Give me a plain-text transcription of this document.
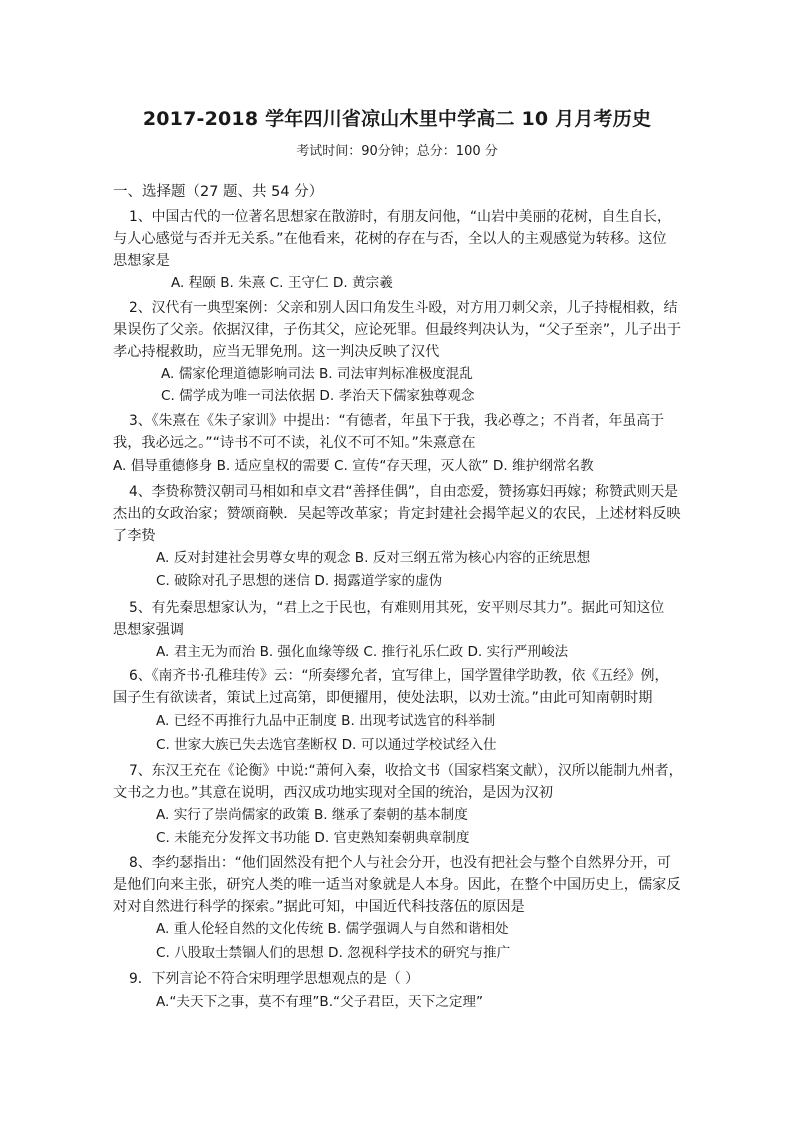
2017-2018 学年四川省凉山木里中学高二 10 月月考历史
考试时间：90分钟；总分：100 分
一、选择题（27 题、共 54 分）
1、中国古代的一位著名思想家在散游时，有朋友问他，“山岩中美丽的花树，自生自长，
与人心感觉与否并无关系。”在他看来，花树的存在与否，全以人的主观感觉为转移。这位
思想家是
A. 程颐 B. 朱熹 C. 王守仁 D. 黄宗羲
2、汉代有一典型案例：父亲和别人因口角发生斗殴，对方用刀刺父亲，儿子持棍相救，结
果误伤了父亲。依据汉律，子伤其父，应论死罪。但最终判决认为，“父子至亲”，儿子出于
孝心持棍救助，应当无罪免刑。这一判决反映了汉代
A. 儒家伦理道德影响司法 B. 司法审判标准极度混乱
C. 儒学成为唯一司法依据 D. 孝治天下儒家独尊观念
3、《朱熹在《朱子家训》中提出：“有德者，年虽下于我，我必尊之；不肖者，年虽高于
我，我必远之。”“诗书不可不读，礼仪不可不知。”朱熹意在
A. 倡导重德修身 B. 适应皇权的需要 C. 宣传“存天理，灭人欲” D. 维护纲常名教
4、李贽称赞汉朝司马相如和卓文君“善择佳偶”，自由恋爱，赞扬寡妇再嫁；称赞武则天是
杰出的女政治家；赞颂商鞅．吴起等改革家；肯定封建社会揭竿起义的农民，上述材料反映
了李贽
A. 反对封建社会男尊女卑的观念 B. 反对三纲五常为核心内容的正统思想
C. 破除对孔子思想的迷信 D. 揭露道学家的虚伪
5、有先秦思想家认为，“君上之于民也，有难则用其死，安平则尽其力”。据此可知这位
思想家强调
A. 君主无为而治 B. 强化血缘等级 C. 推行礼乐仁政 D. 实行严刑峻法
6、《南齐书·孔稚珪传》云：“所奏缪允者，宜写律上，国学置律学助教，依《五经》例，
国子生有欲读者，策试上过高第，即便擢用，使处法职，以劝士流。”由此可知南朝时期
A. 已经不再推行九品中正制度 B. 出现考试选官的科举制
C. 世家大族已失去选官垄断权 D. 可以通过学校试经入仕
7、东汉王充在《论衡》中说:“萧何入秦，收拾文书（国家档案文献），汉所以能制九州者，
文书之力也。”其意在说明，西汉成功地实现对全国的统治，是因为汉初
A. 实行了崇尚儒家的政策 B. 继承了秦朝的基本制度
C. 未能充分发挥文书功能 D. 官吏熟知秦朝典章制度
8、李约瑟指出：“他们固然没有把个人与社会分开，也没有把社会与整个自然界分开，可
是他们向来主张，研究人类的唯一适当对象就是人本身。因此，在整个中国历史上，儒家反
对对自然进行科学的探索。”据此可知，中国近代科技落伍的原因是
A. 重人伦轻自然的文化传统 B. 儒学强调人与自然和谐相处
C. 八股取士禁锢人们的思想 D. 忽视科学技术的研究与推广
9．下列言论不符合宋明理学思想观点的是（ ）
A.“夫天下之事，莫不有理”B.“父子君臣，天下之定理”
